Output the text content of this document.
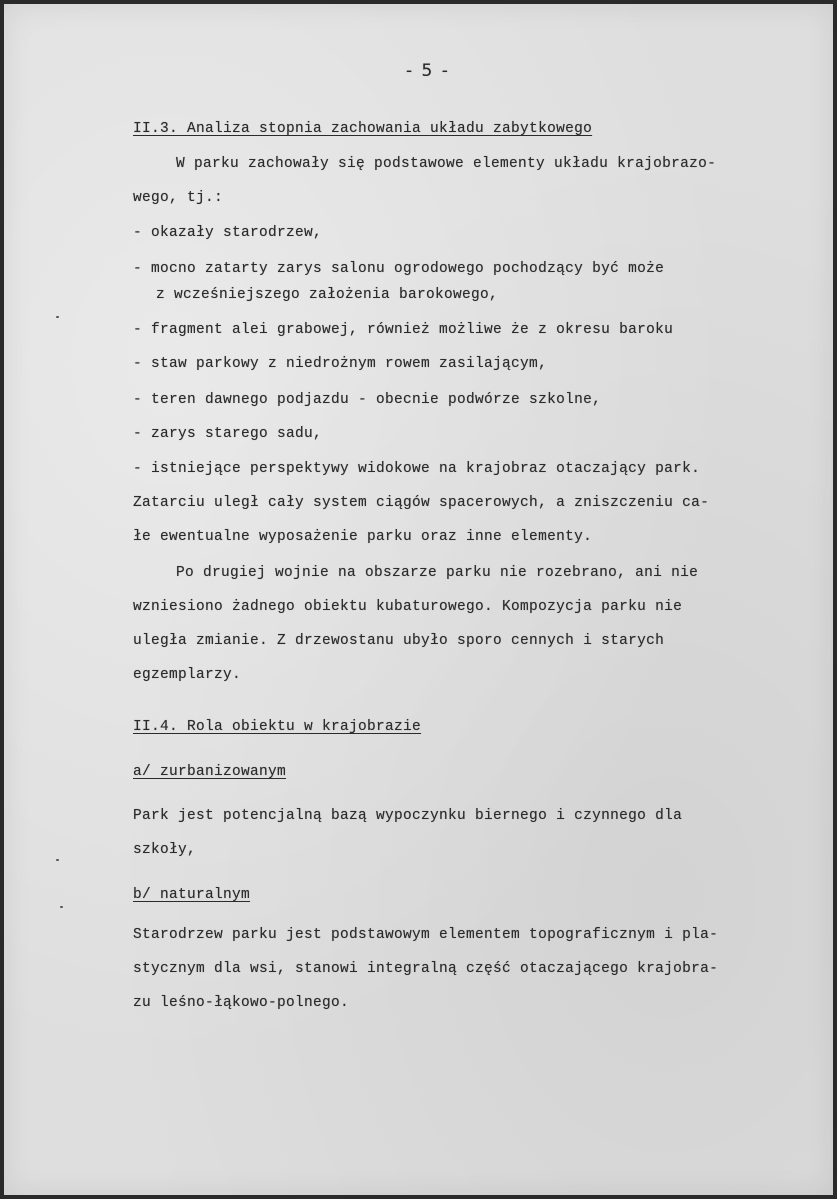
- 5 -
II.3. Analiza stopnia zachowania układu zabytkowego
W parku zachowały się podstawowe elementy układu krajobrazo-
wego, tj.:
- okazały starodrzew,
- mocno zatarty zarys salonu ogrodowego pochodzący być może
z wcześniejszego założenia barokowego,
- fragment alei grabowej, również możliwe że z okresu baroku
- staw parkowy z niedrożnym rowem zasilającym,
- teren dawnego podjazdu - obecnie podwórze szkolne,
- zarys starego sadu,
- istniejące perspektywy widokowe na krajobraz otaczający park.
Zatarciu uległ cały system ciągów spacerowych, a zniszczeniu ca-
łe ewentualne wyposażenie parku oraz inne elementy.
Po drugiej wojnie na obszarze parku nie rozebrano, ani nie
wzniesiono żadnego obiektu kubaturowego. Kompozycja parku nie
uległa zmianie. Z drzewostanu ubyło sporo cennych i starych
egzemplarzy.
II.4. Rola obiektu w krajobrazie
a/ zurbanizowanym
Park jest potencjalną bazą wypoczynku biernego i czynnego dla
szkoły,
b/ naturalnym
Starodrzew parku jest podstawowym elementem topograficznym i pla-
stycznym dla wsi, stanowi integralną część otaczającego krajobra-
zu leśno-łąkowo-polnego.
